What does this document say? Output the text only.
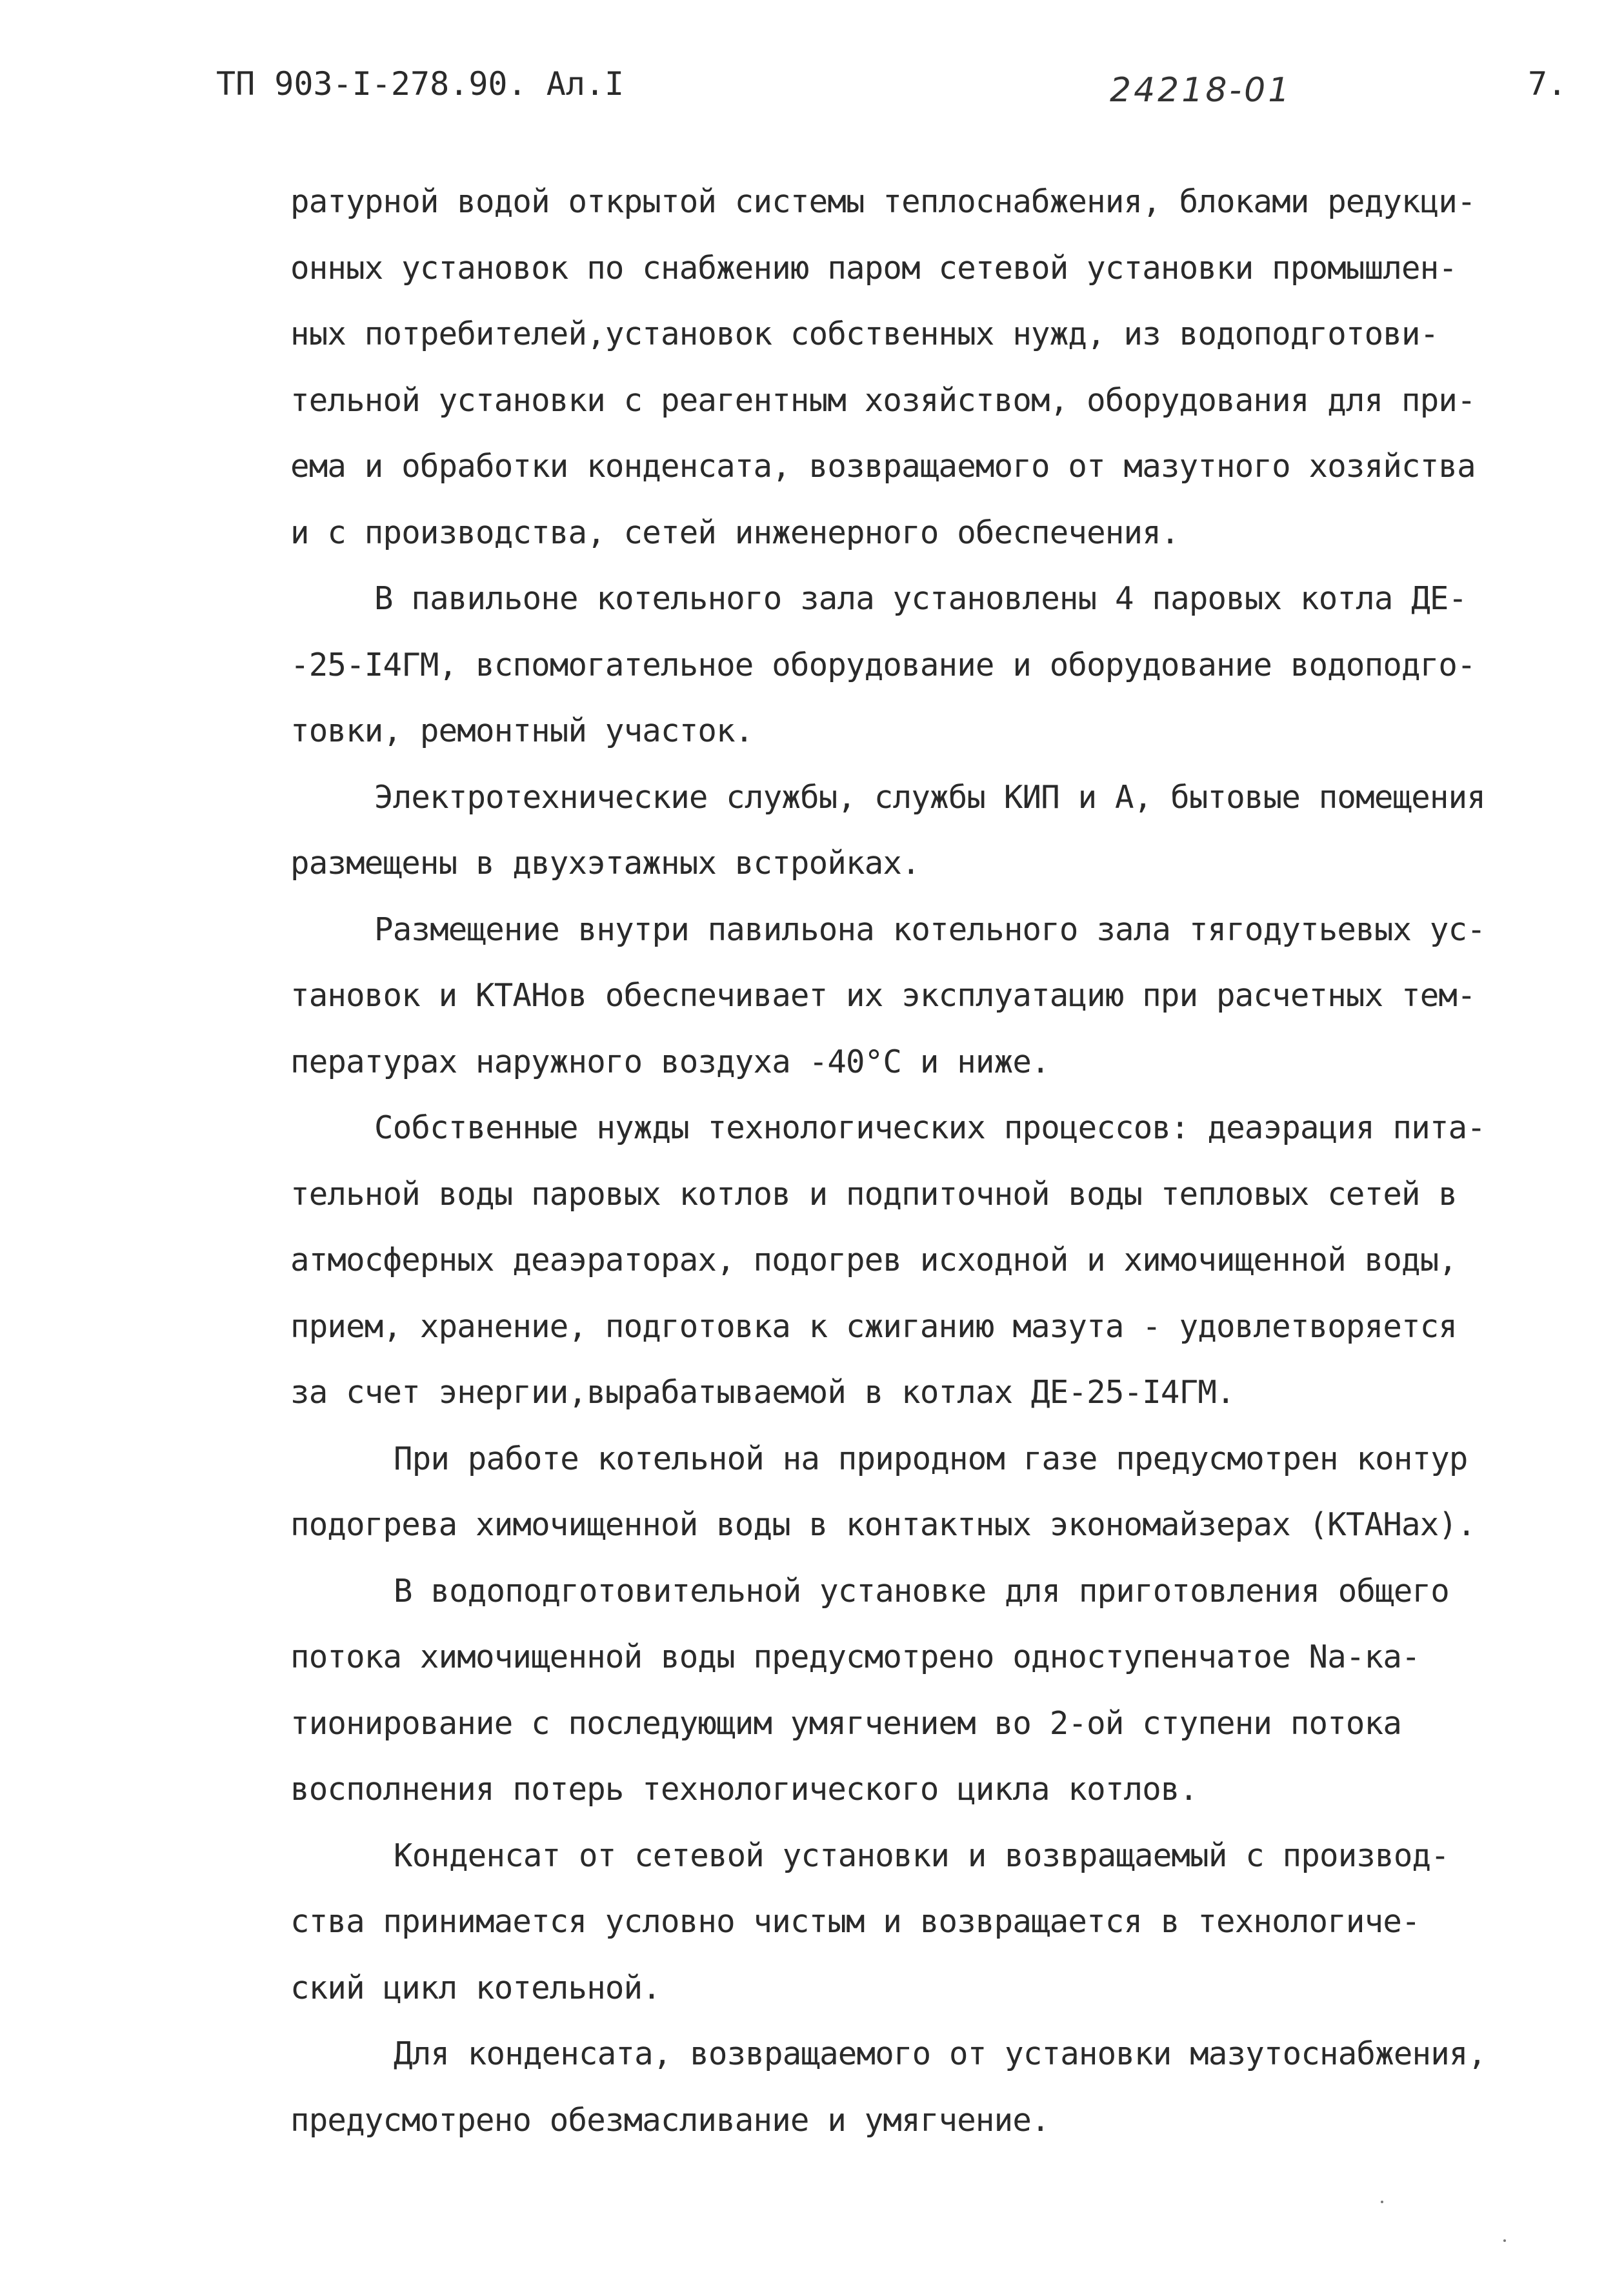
ТП 903-I-278.90. Ал.I	24218-01	7.
ратурной водой открытой системы теплоснабжения, блоками редукци-
онных установок по снабжению паром сетевой установки промышлен-
ных потребителей,установок собственных нужд, из водоподготови-
тельной установки с реагентным хозяйством, оборудования для при-
ема и обработки конденсата, возвращаемого от мазутного хозяйства
и с производства, сетей инженерного обеспечения.
В павильоне котельного зала установлены 4 паровых котла ДЕ-
-25-I4ГМ, вспомогательное оборудование и оборудование водоподго-
товки, ремонтный участок.
Электротехнические службы, службы КИП и А, бытовые помещения
размещены в двухэтажных встройках.
Размещение внутри павильона котельного зала тягодутьевых ус-
тановок и КТАНов обеспечивает их эксплуатацию при расчетных тем-
пературах наружного воздуха -40°С и ниже.
Собственные нужды технологических процессов: деаэрация пита-
тельной воды паровых котлов и подпиточной воды тепловых сетей в
атмосферных деаэраторах, подогрев исходной и химочищенной воды,
прием, хранение, подготовка к сжиганию мазута - удовлетворяется
за счет энергии,вырабатываемой в котлах ДЕ-25-I4ГМ.
При работе котельной на природном газе предусмотрен контур
подогрева химочищенной воды в контактных экономайзерах (КТАНах).
В водоподготовительной установке для приготовления общего
потока химочищенной воды предусмотрено одноступенчатое Na-ка-
тионирование с последующим умягчением во 2-ой ступени потока
восполнения потерь технологического цикла котлов.
Конденсат от сетевой установки и возвращаемый с производ-
ства принимается условно чистым и возвращается в технологиче-
ский цикл котельной.
Для конденсата, возвращаемого от установки мазутоснабжения,
предусмотрено обезмасливание и умягчение.
